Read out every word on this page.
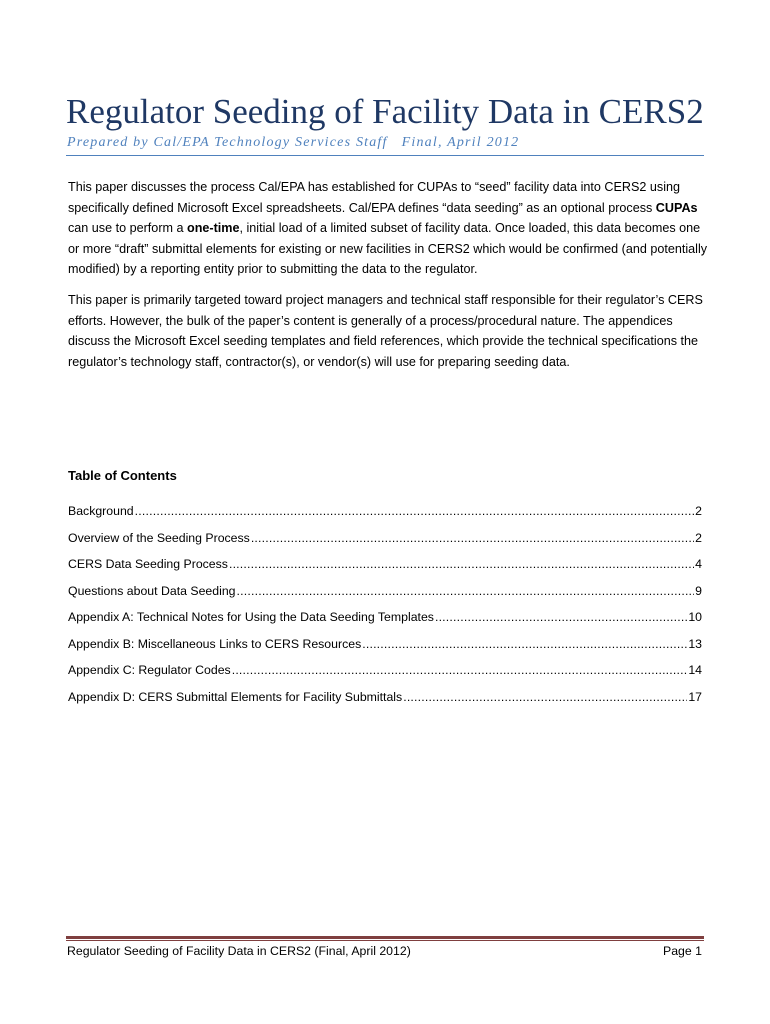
Regulator Seeding of Facility Data in CERS2
Prepared by Cal/EPA Technology Services Staff Final, April 2012

This paper discusses the process Cal/EPA has established for CUPAs to “seed” facility data into CERS2 using specifically defined Microsoft Excel spreadsheets. Cal/EPA defines “data seeding” as an optional process CUPAs can use to perform a one-time, initial load of a limited subset of facility data. Once loaded, this data becomes one or more “draft” submittal elements for existing or new facilities in CERS2 which would be confirmed (and potentially modified) by a reporting entity prior to submitting the data to the regulator.

This paper is primarily targeted toward project managers and technical staff responsible for their regulator’s CERS efforts. However, the bulk of the paper’s content is generally of a process/procedural nature. The appendices discuss the Microsoft Excel seeding templates and field references, which provide the technical specifications the regulator’s technology staff, contractor(s), or vendor(s) will use for preparing seeding data.

Table of Contents
Background .....	2
Overview of the Seeding Process .....	2
CERS Data Seeding Process .....	4
Questions about Data Seeding .....	9
Appendix A: Technical Notes for Using the Data Seeding Templates .....	10
Appendix B: Miscellaneous Links to CERS Resources .....	13
Appendix C: Regulator Codes .....	14
Appendix D: CERS Submittal Elements for Facility Submittals .....	17
Regulator Seeding of Facility Data in CERS2 (Final, April 2012)	Page 1
